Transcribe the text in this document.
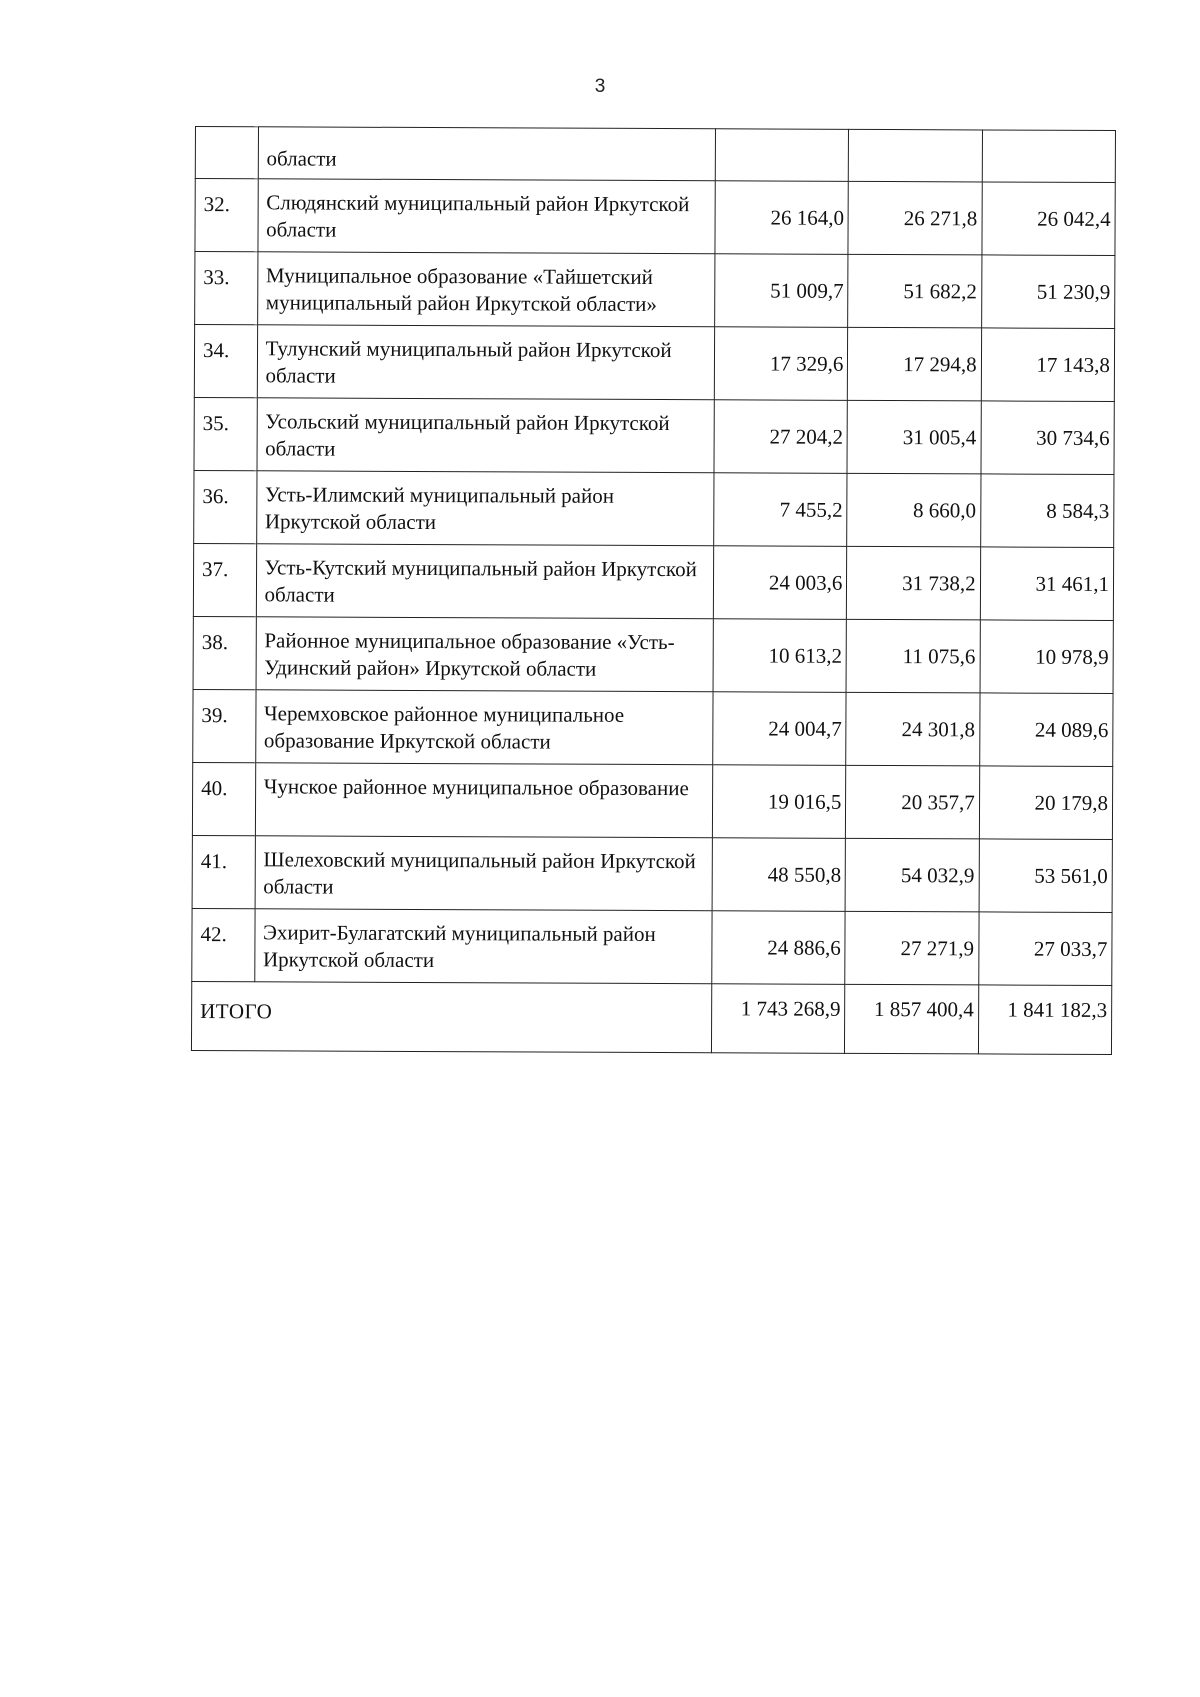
3
	области			
32.	Слюдянский муниципальный район Иркутской области	26 164,0	26 271,8	26 042,4
33.	Муниципальное образование «Тайшетский муниципальный район Иркутской области»	51 009,7	51 682,2	51 230,9
34.	Тулунский муниципальный район Иркутской области	17 329,6	17 294,8	17 143,8
35.	Усольский муниципальный район Иркутской области	27 204,2	31 005,4	30 734,6
36.	Усть-Илимский муниципальный район Иркутской области	7 455,2	8 660,0	8 584,3
37.	Усть-Кутский муниципальный район Иркутской области	24 003,6	31 738,2	31 461,1
38.	Районное муниципальное образование «Усть-Удинский район» Иркутской области	10 613,2	11 075,6	10 978,9
39.	Черемховское районное муниципальное образование Иркутской области	24 004,7	24 301,8	24 089,6
40.	Чунское районное муниципальное образование	19 016,5	20 357,7	20 179,8
41.	Шелеховский муниципальный район Иркутской области	48 550,8	54 032,9	53 561,0
42.	Эхирит-Булагатский муниципальный район Иркутской области	24 886,6	27 271,9	27 033,7
ИТОГО		1 743 268,9	1 857 400,4	1 841 182,3
